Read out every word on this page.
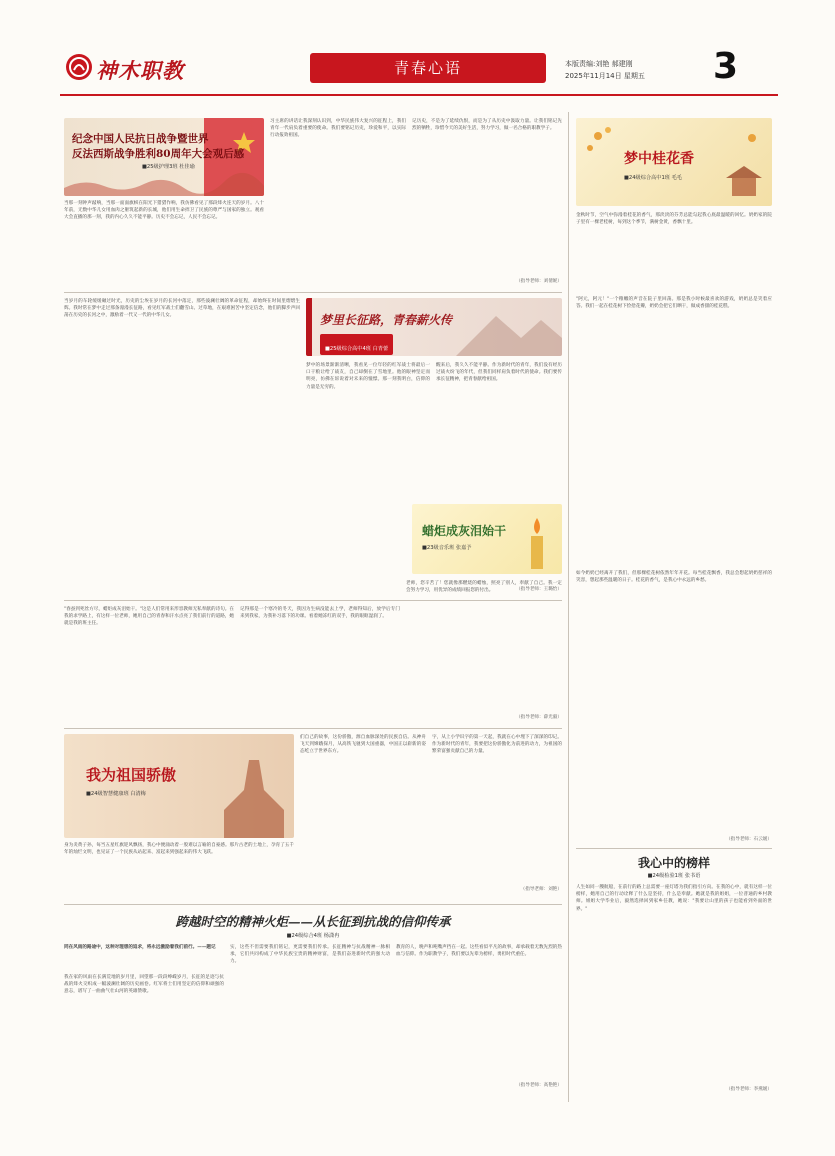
神木职教	青春心语	本版责编:刘艳 郝建刚
2025年11月14日 星期五 3
纪念中国人民抗日战争暨世界
反法西斯战争胜利80周年大会观后感
■25级护理3班 杜佳瑜
当那一刻钟声敲响，当那一面面旗帜在阳光下猎猎作响，我仿佛看见了那段烽火连天的岁月。八十年前，无数中华儿女用血肉之躯筑起新的长城，他们用生命捍卫了民族的尊严与国家的独立。观看大会直播的那一刻，我的内心久久不能平静。历史不会忘记，人民不会忘记。
习主席的讲话让我深刻认识到，中华民族伟大复兴的征程上，我们青年一代肩负着重要的使命。我们要铭记历史，珍爱和平，以实际行动报效祖国。
记历史，不是为了延续仇恨，而是为了从历史中汲取力量。让我们铭记先烈的牺牲，珍惜今天的美好生活，努力学习，做一名合格的职教学子。
（指导老师：刘倩妮）
当岁月的车轮缓缓碾过时光，历史的尘埃在岁月的长河中落定，那些波澜壮阔的革命征程，却始终在时间里熠熠生辉。我时常在梦中走过那条漫漫长征路，看见红军战士们翻雪山、过草地，在艰难困苦中坚定信念，他们的脚步声回荡在历史的长河之中，激励着一代又一代的中华儿女。	梦里长征路，青春薪火传
■25级综合高中4班 白青蕾
梦中的场景渐渐清晰，我看见一位年轻的红军战士将最后一口干粮让给了战友，自己却倒在了雪地里。他的眼神坚定而明亮，仿佛在诉说着对未来的憧憬。那一刻我明白，信仰的力量是无穷的。
醒来后，我久久不能平静。作为新时代的青年，我们没有经历过战火纷飞的年代，但我们同样肩负着时代的使命。我们要传承长征精神，把青春献给祖国。
（指导老师：王璐怡）
蜡炬成灰泪始干
■23级音乐班 张嘉予
"春蚕到死丝方尽，蜡炬成灰泪始干。"这是人们常用来形容教师无私奉献的诗句。在我的求学路上，有这样一位老师，她用自己的青春和汗水点亮了我们前行的道路，她就是我的班主任。
记得那是一个寒冷的冬天，我因为生病没能去上学，老师得知后，放学后专门来到我家，为我补习落下的功课。看着她冻红的双手，我的眼眶湿润了。
老师，您辛苦了！您就像那燃烧的蜡烛，照亮了别人，奉献了自己。我一定会努力学习，用优异的成绩回报您的付出。
（指导老师：薛光毅）
我为祖国骄傲
■24级智慧健康班 白清梅
身为炎黄子孙，每当五星红旗迎风飘扬，我心中便涌动着一股难以言喻的自豪感。那片古老的土地上，孕育了五千年的灿烂文明，也见证了一个民族从站起来、富起来到强起来的伟大飞跃。
们自己的故事，这份骄傲，源自血脉深处的民族自信。从神舟飞天到嫦娥探月，从高铁飞驰到大国重器，中国正以崭新的姿态屹立于世界东方。
字，从上小学识字的第一天起，我就在心中埋下了深深的印记。作为新时代的青年，我要把这份骄傲化为前进的动力，为祖国的繁荣富强贡献自己的力量。
（指导老师：刘艳）
跨越时空的精神火炬——从长征到抗战的信仰传承
■24级综合4班 杨潇冉
同在风雨的路途中，这种对理想的追求，将永远激励着我们前行。——题记
我在家的风雨在长满荒地的岁月里，回望那一段段峥嵘岁月，长征的足迹与抗战的烽火交织成一幅波澜壮阔的历史画卷。红军将士们用坚定的信仰和顽强的意志，谱写了一曲曲气壮山河的英雄赞歌。
实，这些不但需要我们铭记，更需要我们传承。长征精神与抗战精神一脉相承，它们共同构成了中华民族宝贵的精神财富，是我们奋进新时代的强大动力。
教育的人，晚声和吨嘴声挡在一起。这些看似平凡的故事，却承载着无数先烈的热血与信仰。作为职教学子，我们要以先辈为榜样，勇担时代重任。
（指导老师：高艳艳）
梦中桂花香
■24级综合高中1班 毛毛
金秋时节，空气中弥漫着桂花的香气，那淡淡的芬芳总能勾起我心底最温暖的回忆。奶奶家的院子里有一棵老桂树，每到这个季节，满树金黄，香飘十里。
"阿元，阿元！"一个稚嫩的声音在院子里回荡。那是我小时候最喜欢的游戏，奶奶总是笑着应答。我们一起在桂花树下捡拾花瓣，奶奶会把它们晒干，做成香甜的桂花糕。
如今奶奶已经离开了我们，但那棵桂花树依然年年开花。每当桂花飘香，我总会想起奶奶慈祥的笑容，想起那些温暖的日子。桂花的香气，是我心中永远的乡愁。
（指导老师：石云媛）
我心中的榜样
■24级检验1班 张书语
人生如同一艘航船，在前行的路上总需要一座灯塔为我们指引方向。在我的心中，就有这样一位榜样，她用自己的行动诠释了什么是坚持，什么是奉献。她就是我的姐姐，一位普通的乡村教师。姐姐大学毕业后，毅然选择回到家乡任教，她说："我要让山里的孩子也能看到外面的世界。"
（指导老师：李燕媛）
